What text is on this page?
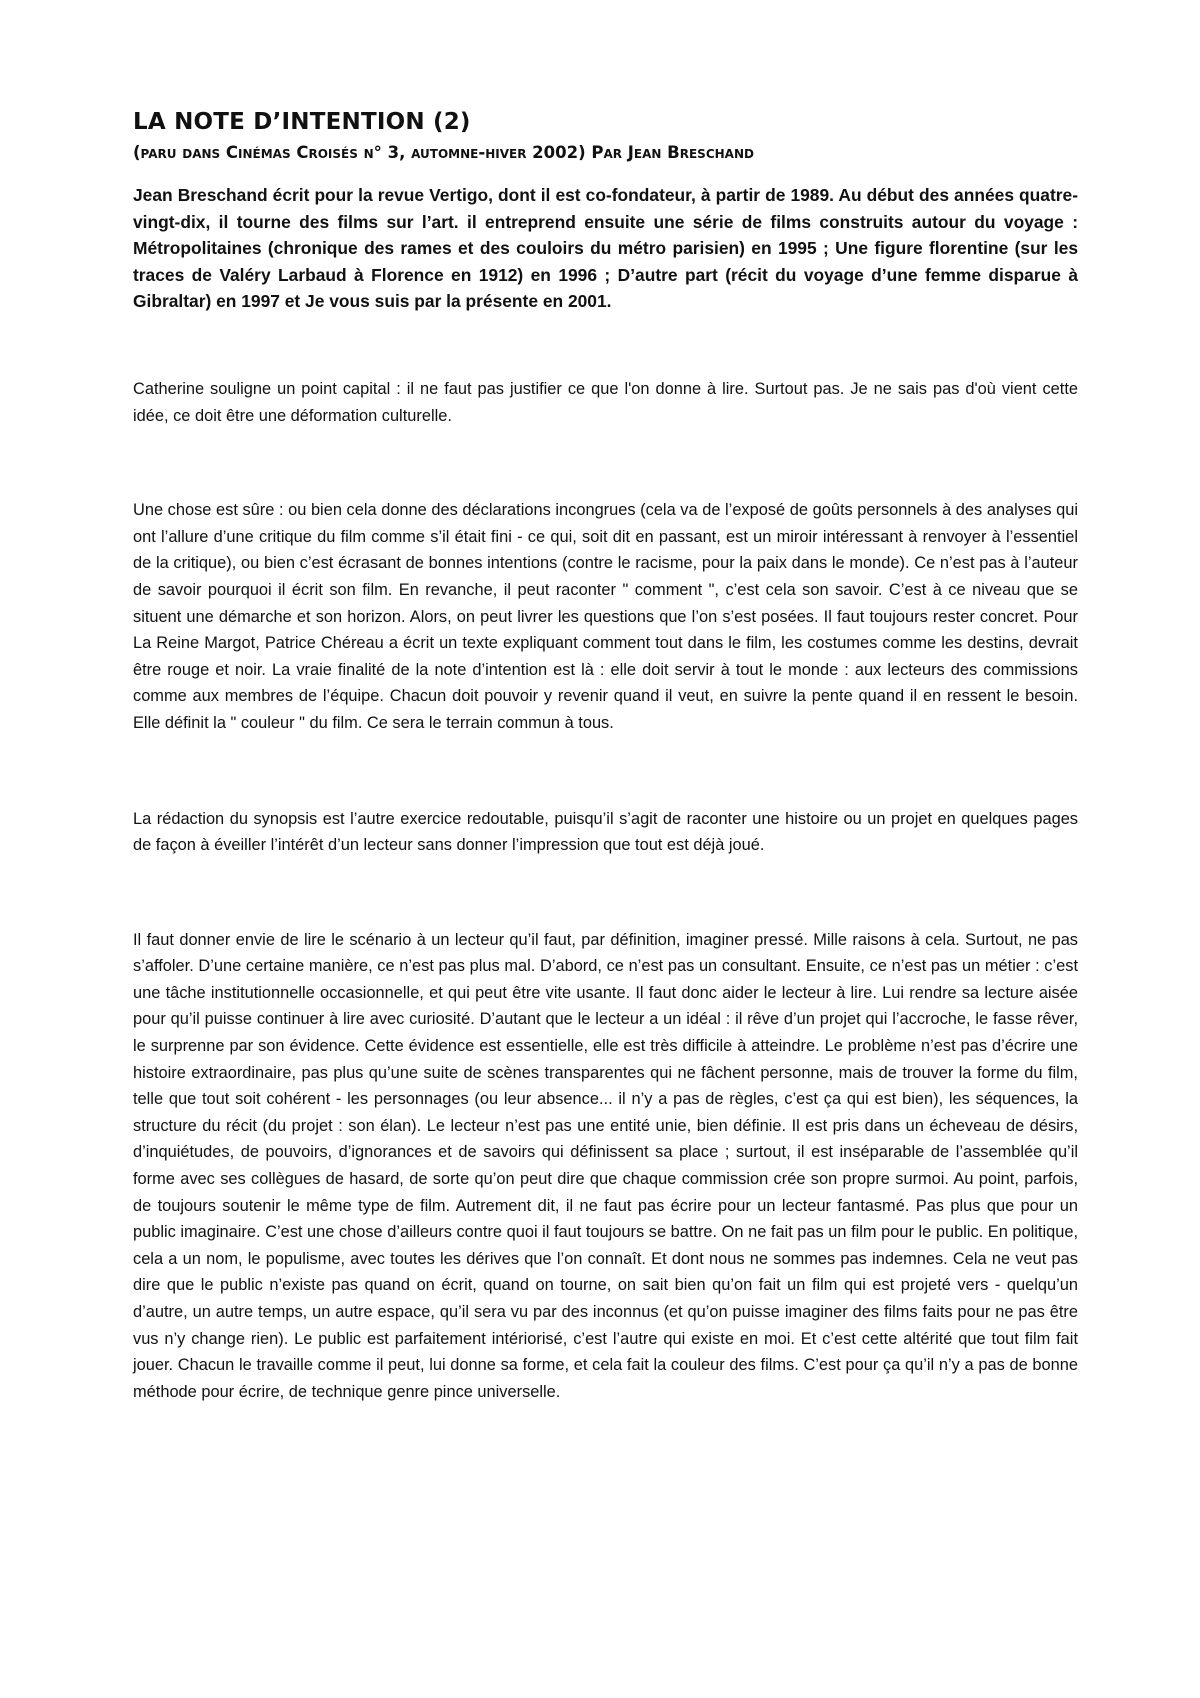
LA NOTE D’INTENTION (2)
(paru dans Cinémas Croisés n° 3, automne-hiver 2002) Par Jean Breschand

Jean Breschand écrit pour la revue Vertigo, dont il est co-fondateur, à partir de 1989. Au début des années quatre-vingt-dix, il tourne des films sur l’art. il entreprend ensuite une série de films construits autour du voyage : Métropolitaines (chronique des rames et des couloirs du métro parisien) en 1995 ; Une figure florentine (sur les traces de Valéry Larbaud à Florence en 1912) en 1996 ; D’autre part (récit du voyage d’une femme disparue à Gibraltar) en 1997 et Je vous suis par la présente en 2001.

Catherine souligne un point capital : il ne faut pas justifier ce que l'on donne à lire. Surtout pas. Je ne sais pas d'où vient cette idée, ce doit être une déformation culturelle.

Une chose est sûre : ou bien cela donne des déclarations incongrues (cela va de l’exposé de goûts personnels à des analyses qui ont l’allure d’une critique du film comme s’il était fini - ce qui, soit dit en passant, est un miroir intéressant à renvoyer à l’essentiel de la critique), ou bien c’est écrasant de bonnes intentions (contre le racisme, pour la paix dans le monde). Ce n’est pas à l’auteur de savoir pourquoi il écrit son film. En revanche, il peut raconter " comment ", c’est cela son savoir. C’est à ce niveau que se situent une démarche et son horizon. Alors, on peut livrer les questions que l’on s’est posées. Il faut toujours rester concret. Pour La Reine Margot, Patrice Chéreau a écrit un texte expliquant comment tout dans le film, les costumes comme les destins, devrait être rouge et noir. La vraie finalité de la note d’intention est là : elle doit servir à tout le monde : aux lecteurs des commissions comme aux membres de l’équipe. Chacun doit pouvoir y revenir quand il veut, en suivre la pente quand il en ressent le besoin. Elle définit la " couleur " du film. Ce sera le terrain commun à tous.

La rédaction du synopsis est l’autre exercice redoutable, puisqu’il s’agit de raconter une histoire ou un projet en quelques pages de façon à éveiller l’intérêt d’un lecteur sans donner l’impression que tout est déjà joué.

Il faut donner envie de lire le scénario à un lecteur qu’il faut, par définition, imaginer pressé. Mille raisons à cela. Surtout, ne pas s’affoler. D’une certaine manière, ce n’est pas plus mal. D’abord, ce n’est pas un consultant. Ensuite, ce n’est pas un métier : c’est une tâche institutionnelle occasionnelle, et qui peut être vite usante. Il faut donc aider le lecteur à lire. Lui rendre sa lecture aisée pour qu’il puisse continuer à lire avec curiosité. D’autant que le lecteur a un idéal : il rêve d’un projet qui l’accroche, le fasse rêver, le surprenne par son évidence. Cette évidence est essentielle, elle est très difficile à atteindre. Le problème n’est pas d’écrire une histoire extraordinaire, pas plus qu’une suite de scènes transparentes qui ne fâchent personne, mais de trouver la forme du film, telle que tout soit cohérent - les personnages (ou leur absence... il n’y a pas de règles, c’est ça qui est bien), les séquences, la structure du récit (du projet : son élan). Le lecteur n’est pas une entité unie, bien définie. Il est pris dans un écheveau de désirs, d’inquiétudes, de pouvoirs, d’ignorances et de savoirs qui définissent sa place ; surtout, il est inséparable de l’assemblée qu’il forme avec ses collègues de hasard, de sorte qu’on peut dire que chaque commission crée son propre surmoi. Au point, parfois, de toujours soutenir le même type de film. Autrement dit, il ne faut pas écrire pour un lecteur fantasmé. Pas plus que pour un public imaginaire. C’est une chose d’ailleurs contre quoi il faut toujours se battre. On ne fait pas un film pour le public. En politique, cela a un nom, le populisme, avec toutes les dérives que l’on connaît. Et dont nous ne sommes pas indemnes. Cela ne veut pas dire que le public n’existe pas quand on écrit, quand on tourne, on sait bien qu’on fait un film qui est projeté vers - quelqu’un d’autre, un autre temps, un autre espace, qu’il sera vu par des inconnus (et qu’on puisse imaginer des films faits pour ne pas être vus n’y change rien). Le public est parfaitement intériorisé, c’est l’autre qui existe en moi. Et c’est cette altérité que tout film fait jouer. Chacun le travaille comme il peut, lui donne sa forme, et cela fait la couleur des films. C’est pour ça qu’il n’y a pas de bonne méthode pour écrire, de technique genre pince universelle.
